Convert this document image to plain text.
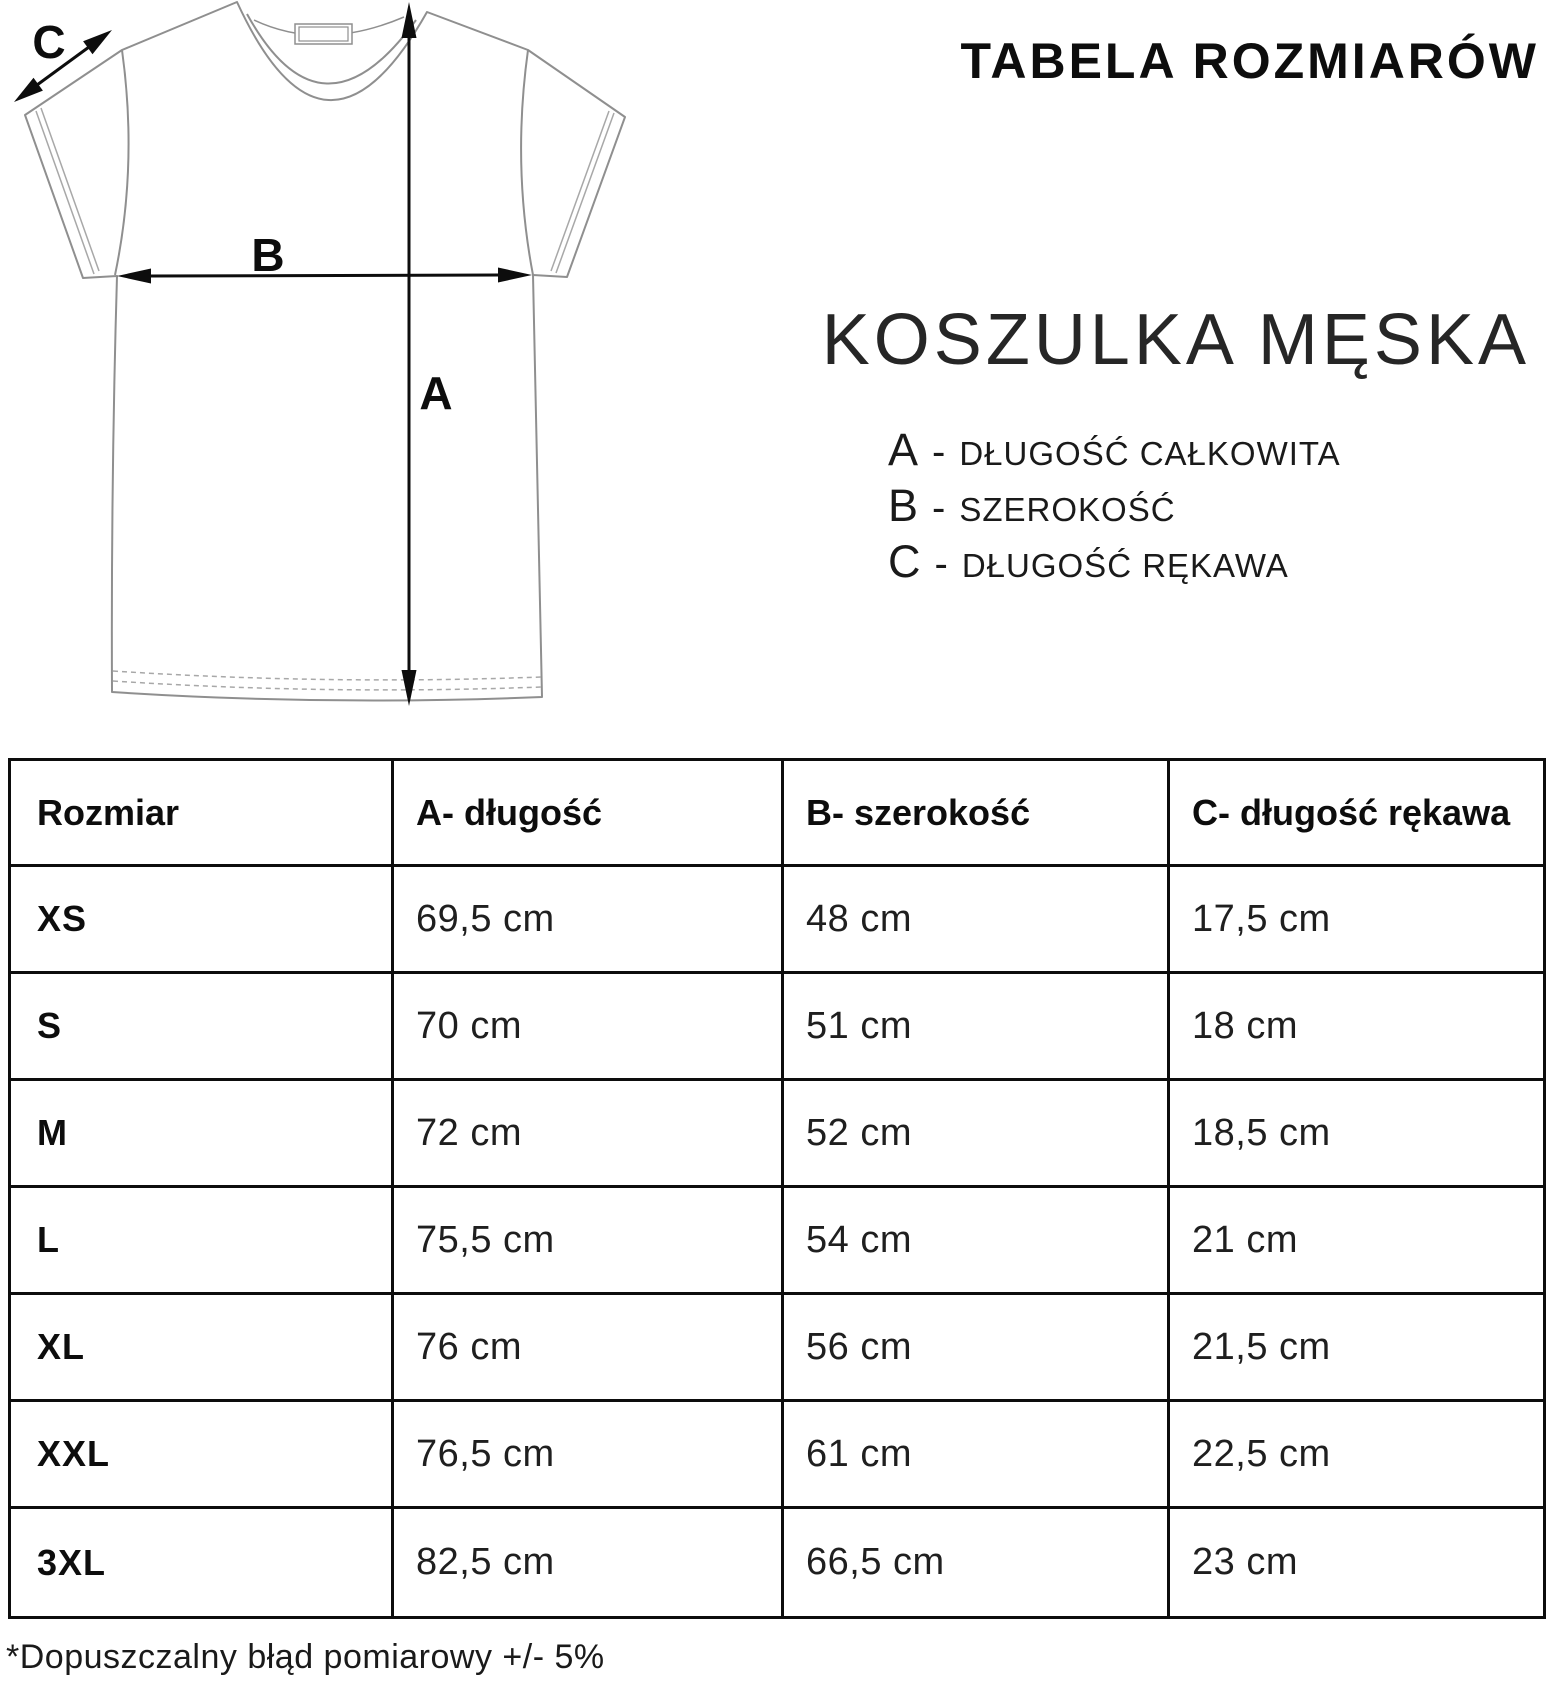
A
B
C	TABELA ROZMIARÓW
KOSZULKA MĘSKA
A - DŁUGOŚĆ CAŁKOWITA
B - SZEROKOŚĆ
C - DŁUGOŚĆ RĘKAWA
Rozmiar	A- długość	B- szerokość	C- długość rękawa
XS	69,5 cm	48 cm	17,5 cm
S	70 cm	51 cm	18 cm
M	72 cm	52 cm	18,5 cm
L	75,5 cm	54 cm	21 cm
XL	76 cm	56 cm	21,5 cm
XXL	76,5 cm	61 cm	22,5 cm
3XL	82,5 cm	66,5 cm	23 cm
*Dopuszczalny błąd pomiarowy +/- 5%
